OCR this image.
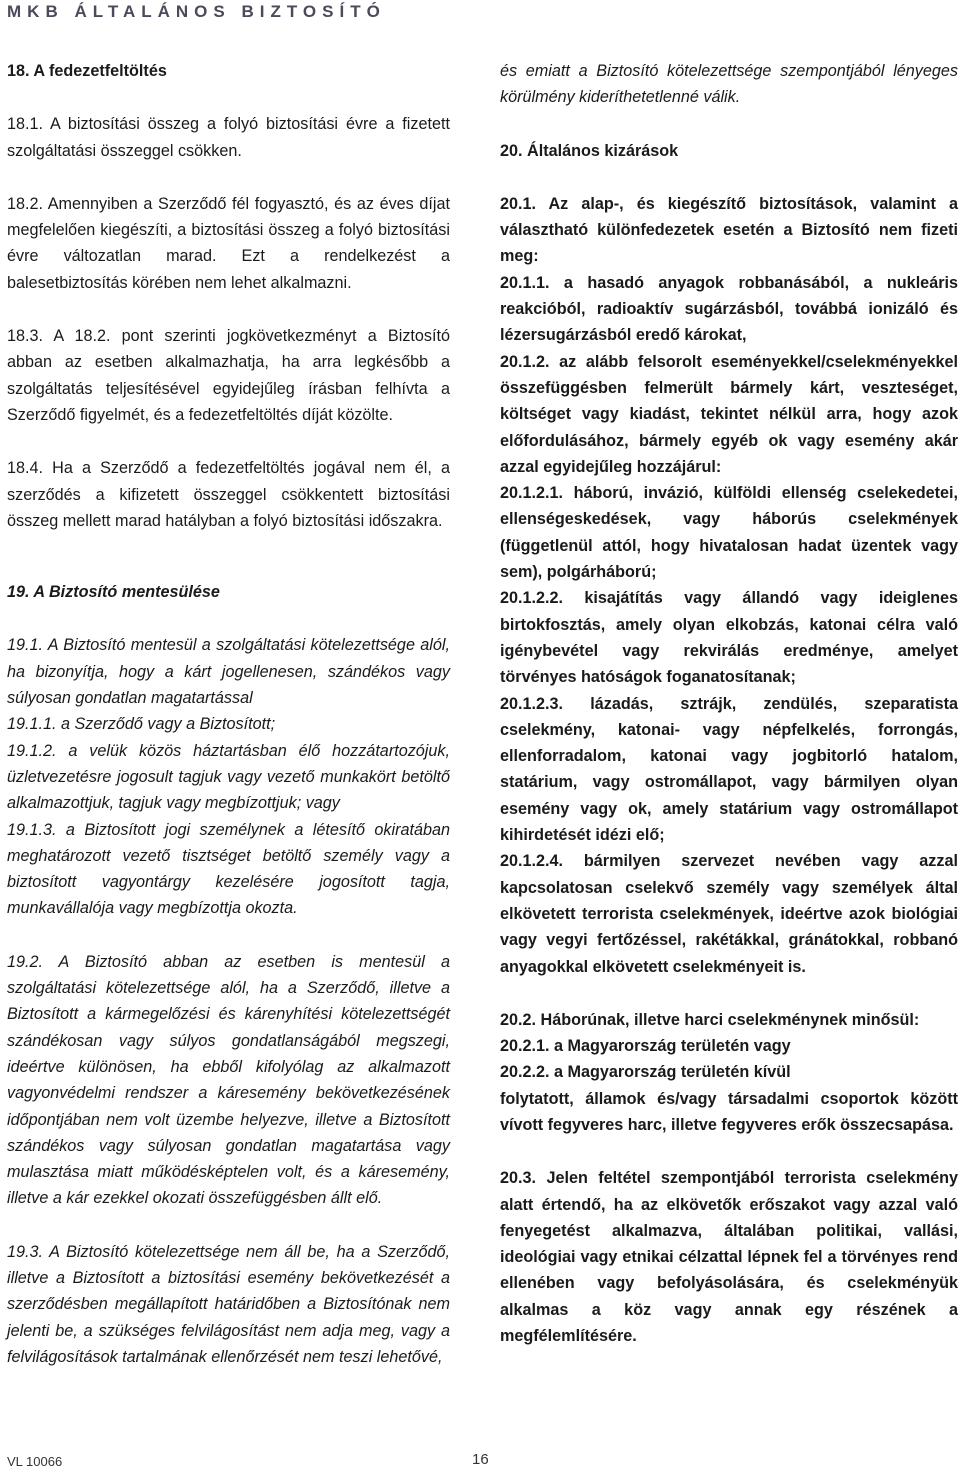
MKB ÁLTALÁNOS BIZTOSÍTÓ

18. A fedezetfeltöltés

18.1. A biztosítási összeg a folyó biztosítási évre a fizetett szolgáltatási összeggel csökken.

18.2. Amennyiben a Szerződő fél fogyasztó, és az éves díjat megfelelően kiegészíti, a biztosítási összeg a folyó biztosítási évre változatlan marad. Ezt a rendelkezést a balesetbiztosítás körében nem lehet alkalmazni.

18.3. A 18.2. pont szerinti jogkövetkezményt a Biztosító abban az esetben alkalmazhatja, ha arra legkésőbb a szolgáltatás teljesítésével egyidejűleg írásban felhívta a Szerződő figyelmét, és a fedezetfeltöltés díját közölte.

18.4. Ha a Szerződő a fedezetfeltöltés jogával nem él, a szerződés a kifizetett összeggel csökkentett biztosítási összeg mellett marad hatályban a folyó biztosítási időszakra.

19. A Biztosító mentesülése

19.1. A Biztosító mentesül a szolgáltatási kötelezettsége alól, ha bizonyítja, hogy a kárt jogellenesen, szándékos vagy súlyosan gondatlan magatartással

19.1.1. a Szerződő vagy a Biztosított;

19.1.2. a velük közös háztartásban élő hozzátartozójuk, üzletvezetésre jogosult tagjuk vagy vezető munkakört betöltő alkalmazottjuk, tagjuk vagy megbízottjuk; vagy

19.1.3. a Biztosított jogi személynek a létesítő okiratában meghatározott vezető tisztséget betöltő személy vagy a biztosított vagyontárgy kezelésére jogosított tagja, munkavállalója vagy megbízottja okozta.

19.2. A Biztosító abban az esetben is mentesül a szolgáltatási kötelezettsége alól, ha a Szerződő, illetve a Biztosított a kármegelőzési és kárenyhítési kötelezettségét szándékosan vagy súlyos gondatlanságából megszegi, ideértve különösen, ha ebből kifolyólag az alkalmazott vagyonvédelmi rendszer a káresemény bekövetkezésének időpontjában nem volt üzembe helyezve, illetve a Biztosított szándékos vagy súlyosan gondatlan magatartása vagy mulasztása miatt működésképtelen volt, és a káresemény, illetve a kár ezekkel okozati összefüggésben állt elő.

19.3. A Biztosító kötelezettsége nem áll be, ha a Szerződő, illetve a Biztosított a biztosítási esemény bekövetkezését a szerződésben megállapított határidőben a Biztosítónak nem jelenti be, a szükséges felvilágosítást nem adja meg, vagy a felvilágosítások tartalmának ellenőrzését nem teszi lehetővé,

és emiatt a Biztosító kötelezettsége szempontjából lényeges körülmény kideríthetetlenné válik.

20. Általános kizárások

20.1. Az alap-, és kiegészítő biztosítások, valamint a választható különfedezetek esetén a Biztosító nem fizeti meg:

20.1.1. a hasadó anyagok robbanásából, a nukleáris reakcióból, radioaktív sugárzásból, továbbá ionizáló és lézersugárzásból eredő károkat,

20.1.2. az alább felsorolt eseményekkel/cselekményekkel összefüggésben felmerült bármely kárt, veszteséget, költséget vagy kiadást, tekintet nélkül arra, hogy azok előfordulásához, bármely egyéb ok vagy esemény akár azzal egyidejűleg hozzájárul:

20.1.2.1. háború, invázió, külföldi ellenség cselekedetei, ellenségeskedések, vagy háborús cselekmények (függetlenül attól, hogy hivatalosan hadat üzentek vagy sem), polgárháború;

20.1.2.2. kisajátítás vagy állandó vagy ideiglenes birtokfosztás, amely olyan elkobzás, katonai célra való igénybevétel vagy rekvirálás eredménye, amelyet törvényes hatóságok foganatosítanak;

20.1.2.3. lázadás, sztrájk, zendülés, szeparatista cselekmény, katonai- vagy népfelkelés, forrongás, ellenforradalom, katonai vagy jogbitorló hatalom, statárium, vagy ostromállapot, vagy bármilyen olyan esemény vagy ok, amely statárium vagy ostromállapot kihirdetését idézi elő;

20.1.2.4. bármilyen szervezet nevében vagy azzal kapcsolatosan cselekvő személy vagy személyek által elkövetett terrorista cselekmények, ideértve azok biológiai vagy vegyi fertőzéssel, rakétákkal, gránátokkal, robbanó anyagokkal elkövetett cselekményeit is.

20.2. Háborúnak, illetve harci cselekménynek minősül:

20.2.1. a Magyarország területén vagy

20.2.2. a Magyarország területén kívül

folytatott, államok és/vagy társadalmi csoportok között vívott fegyveres harc, illetve fegyveres erők összecsapása.

20.3. Jelen feltétel szempontjából terrorista cselekmény alatt értendő, ha az elkövetők erőszakot vagy azzal való fenyegetést alkalmazva, általában politikai, vallási, ideológiai vagy etnikai célzattal lépnek fel a törvényes rend ellenében vagy befolyásolására, és cselekményük alkalmas a köz vagy annak egy részének a megfélemlítésére.

VL 10066	16
